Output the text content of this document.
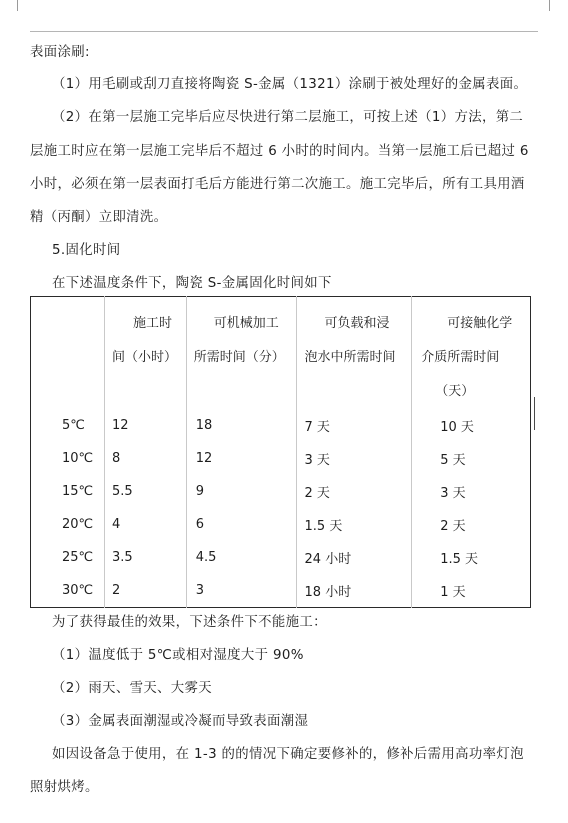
表面涂刷:
（1）用毛刷或刮刀直接将陶瓷 S-金属（1321）涂刷于被处理好的金属表面。
（2）在第一层施工完毕后应尽快进行第二层施工，可按上述（1）方法，第二
层施工时应在第一层施工完毕后不超过 6 小时的时间内。当第一层施工后已超过 6
小时，必须在第一层表面打毛后方能进行第二次施工。施工完毕后，所有工具用酒
精（丙酮）立即清洗。
5.固化时间
在下述温度条件下，陶瓷 S-金属固化时间如下

	施工时
间（小时）	可机械加工
所需时间（分）	可负载和浸
泡水中所需时间	可接触化学
介质所需时间
（天）

5℃	12	18	7 天	10 天
10℃	8	12	3 天	5 天
15℃	5.5	9	2 天	3 天
20℃	4	6	1.5 天	2 天
25℃	3.5	4.5	24 小时	1.5 天
30℃	2	3	18 小时	1 天
为了获得最佳的效果，下述条件下不能施工：
（1）温度低于 5℃或相对湿度大于 90%
（2）雨天、雪天、大雾天
（3）金属表面潮湿或冷凝而导致表面潮湿
如因设备急于使用，在 1-3 的的情况下确定要修补的，修补后需用高功率灯泡
照射烘烤。
